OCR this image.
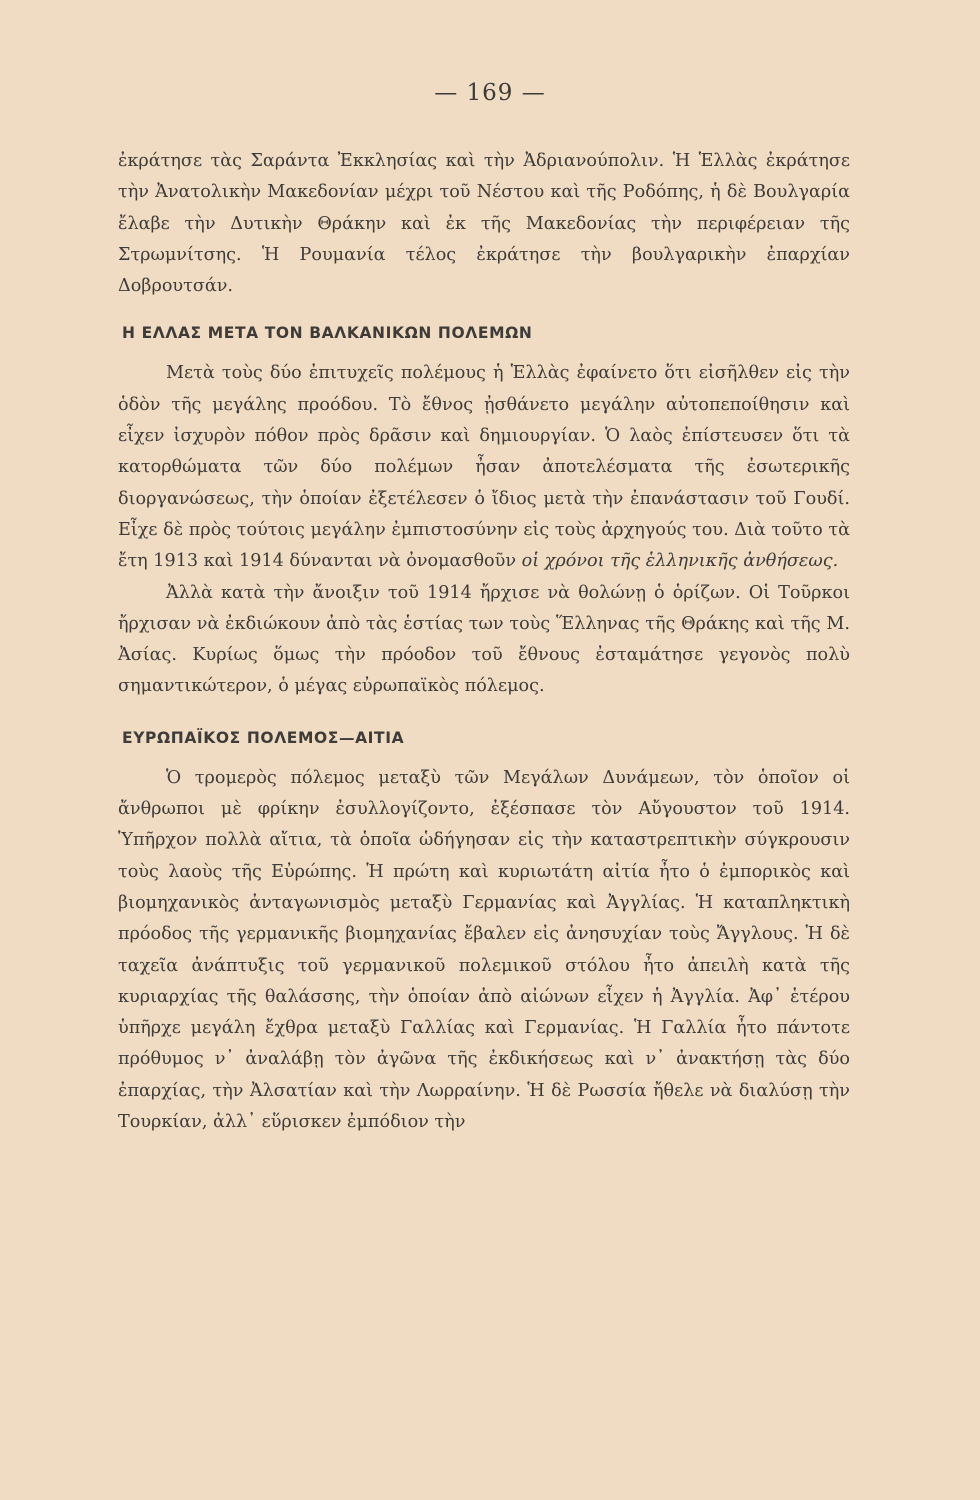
— 169 —

ἐκράτησε τὰς Σαράντα Ἐκκλησίας καὶ τὴν Ἀδριανούπολιν. Ἡ Ἑλλὰς ἐκράτησε τὴν Ἀνατολικὴν Μακεδονίαν μέχρι τοῦ Νέστου καὶ τῆς Ροδόπης, ἡ δὲ Βουλγαρία ἔλαβε τὴν Δυτικὴν Θράκην καὶ ἐκ τῆς Μακεδονίας τὴν περιφέρειαν τῆς Στρωμνίτσης. Ἡ Ρουμανία τέλος ἐκράτησε τὴν βουλγαρικὴν ἐπαρχίαν Δοβρουτσάν.

Η ΕΛΛΑΣ ΜΕΤΑ ΤΟΝ ΒΑΛΚΑΝΙΚΩΝ ΠΟΛΕΜΩΝ

Μετὰ τοὺς δύο ἐπιτυχεῖς πολέμους ἡ Ἑλλὰς ἐφαίνετο ὅτι εἰσῆλθεν εἰς τὴν ὁδὸν τῆς μεγάλης προόδου. Τὸ ἔθνος ᾐσθάνετο μεγάλην αὐτοπεποίθησιν καὶ εἶχεν ἰσχυρὸν πόθον πρὸς δρᾶσιν καὶ δημιουργίαν. Ὁ λαὸς ἐπίστευσεν ὅτι τὰ κατορθώματα τῶν δύο πολέμων ἦσαν ἀποτελέσματα τῆς ἐσωτερικῆς διοργανώσεως, τὴν ὁποίαν ἐξετέλεσεν ὁ ἴδιος μετὰ τὴν ἐπανάστασιν τοῦ Γουδί. Εἶχε δὲ πρὸς τούτοις μεγάλην ἐμπιστοσύνην εἰς τοὺς ἀρχηγούς του. Διὰ τοῦτο τὰ ἔτη 1913 καὶ 1914 δύνανται νὰ ὀνομασθοῦν οἱ χρόνοι τῆς ἑλληνικῆς ἀνθήσεως.

Ἀλλὰ κατὰ τὴν ἄνοιξιν τοῦ 1914 ἤρχισε νὰ θολώνῃ ὁ ὁρίζων. Οἱ Τοῦρκοι ἤρχισαν νὰ ἐκδιώκουν ἀπὸ τὰς ἑστίας των τοὺς Ἕλληνας τῆς Θράκης καὶ τῆς Μ. Ἀσίας. Κυρίως ὅμως τὴν πρόοδον τοῦ ἔθνους ἐσταμάτησε γεγονὸς πολὺ σημαντικώτερον, ὁ μέγας εὐρωπαϊκὸς πόλεμος.

ΕΥΡΩΠΑΪΚΟΣ ΠΟΛΕΜΟΣ—ΑΙΤΙΑ

Ὁ τρομερὸς πόλεμος μεταξὺ τῶν Μεγάλων Δυνάμεων, τὸν ὁποῖον οἱ ἄνθρωποι μὲ φρίκην ἐσυλλογίζοντο, ἐξέσπασε τὸν Αὔγουστον τοῦ 1914. Ὑπῆρχον πολλὰ αἴτια, τὰ ὁποῖα ὡδήγησαν εἰς τὴν καταστρεπτικὴν σύγκρουσιν τοὺς λαοὺς τῆς Εὐρώπης. Ἡ πρώτη καὶ κυριωτάτη αἰτία ἦτο ὁ ἐμπορικὸς καὶ βιομηχανικὸς ἀνταγωνισμὸς μεταξὺ Γερμανίας καὶ Ἀγγλίας. Ἡ καταπληκτικὴ πρόοδος τῆς γερμανικῆς βιομηχανίας ἔβαλεν εἰς ἀνησυχίαν τοὺς Ἄγγλους. Ἡ δὲ ταχεῖα ἀνάπτυξις τοῦ γερμανικοῦ πολεμικοῦ στόλου ἦτο ἀπειλὴ κατὰ τῆς κυριαρχίας τῆς θαλάσσης, τὴν ὁποίαν ἀπὸ αἰώνων εἶχεν ἡ Ἀγγλία. Ἀφ᾽ ἑτέρου ὑπῆρχε μεγάλη ἔχθρα μεταξὺ Γαλλίας καὶ Γερμανίας. Ἡ Γαλλία ἦτο πάντοτε πρόθυμος ν᾽ ἀναλάβῃ τὸν ἀγῶνα τῆς ἐκδικήσεως καὶ ν᾽ ἀνακτήσῃ τὰς δύο ἐπαρχίας, τὴν Ἀλσατίαν καὶ τὴν Λωρραίνην. Ἡ δὲ Ρωσσία ἤθελε νὰ διαλύσῃ τὴν Τουρκίαν, ἀλλ᾽ εὕρισκεν ἐμπόδιον τὴν
